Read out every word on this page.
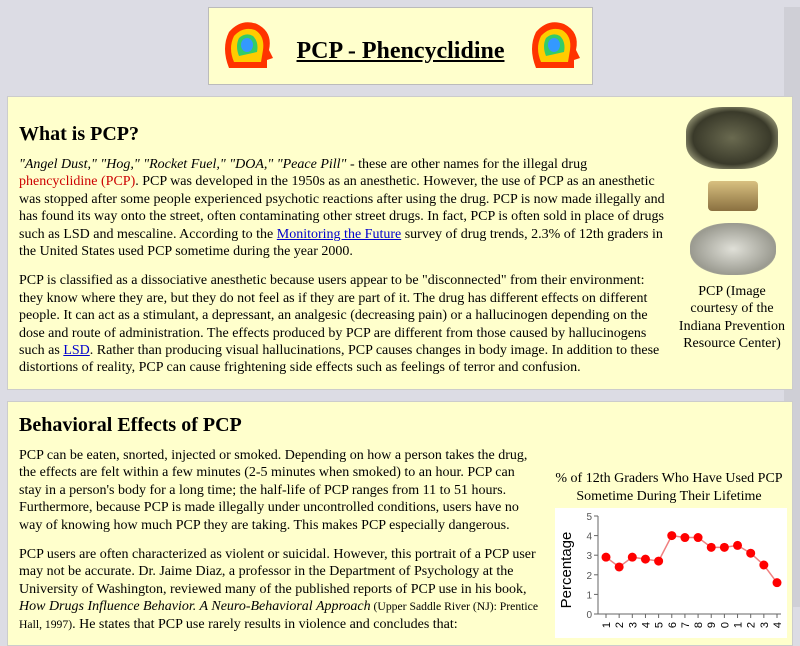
PCP - Phencyclidine
PCP (Image courtesy of the Indiana Prevention Resource Center)
What is PCP?

"Angel Dust," "Hog," "Rocket Fuel," "DOA," "Peace Pill" - these are other names for the illegal drug phencyclidine (PCP). PCP was developed in the 1950s as an anesthetic. However, the use of PCP as an anesthetic was stopped after some people experienced psychotic reactions after using the drug. PCP is now made illegally and has found its way onto the street, often contaminating other street drugs. In fact, PCP is often sold in place of drugs such as LSD and mescaline. According to the Monitoring the Future survey of drug trends, 2.3% of 12th graders in the United States used PCP sometime during the year 2000.

PCP is classified as a dissociative anesthetic because users appear to be "disconnected" from their environment: they know where they are, but they do not feel as if they are part of it. The drug has different effects on different people. It can act as a stimulant, a depressant, an analgesic (decreasing pain) or a hallucinogen depending on the dose and route of administration. The effects produced by PCP are different from those caused by hallucinogens such as LSD. Rather than producing visual hallucinations, PCP causes changes in body image. In addition to these distortions of reality, PCP can cause frightening side effects such as feelings of terror and confusion.

% of 12th Graders Who Have Used PCP Sometime During Their Lifetime
Percentage
0
1
2
3
4
5
1 2 3 4 5 6 7 8 9 0 1 2 3 4
Behavioral Effects of PCP

PCP can be eaten, snorted, injected or smoked. Depending on how a person takes the drug, the effects are felt within a few minutes (2-5 minutes when smoked) to an hour. PCP can stay in a person's body for a long time; the half-life of PCP ranges from 11 to 51 hours. Furthermore, because PCP is made illegally under uncontrolled conditions, users have no way of knowing how much PCP they are taking. This makes PCP especially dangerous.

PCP users are often characterized as violent or suicidal. However, this portrait of a PCP user may not be accurate. Dr. Jaime Diaz, a professor in the Department of Psychology at the University of Washington, reviewed many of the published reports of PCP use in his book, How Drugs Influence Behavior. A Neuro-Behavioral Approach (Upper Saddle River (NJ): Prentice Hall, 1997). He states that PCP use rarely results in violence and concludes that:
